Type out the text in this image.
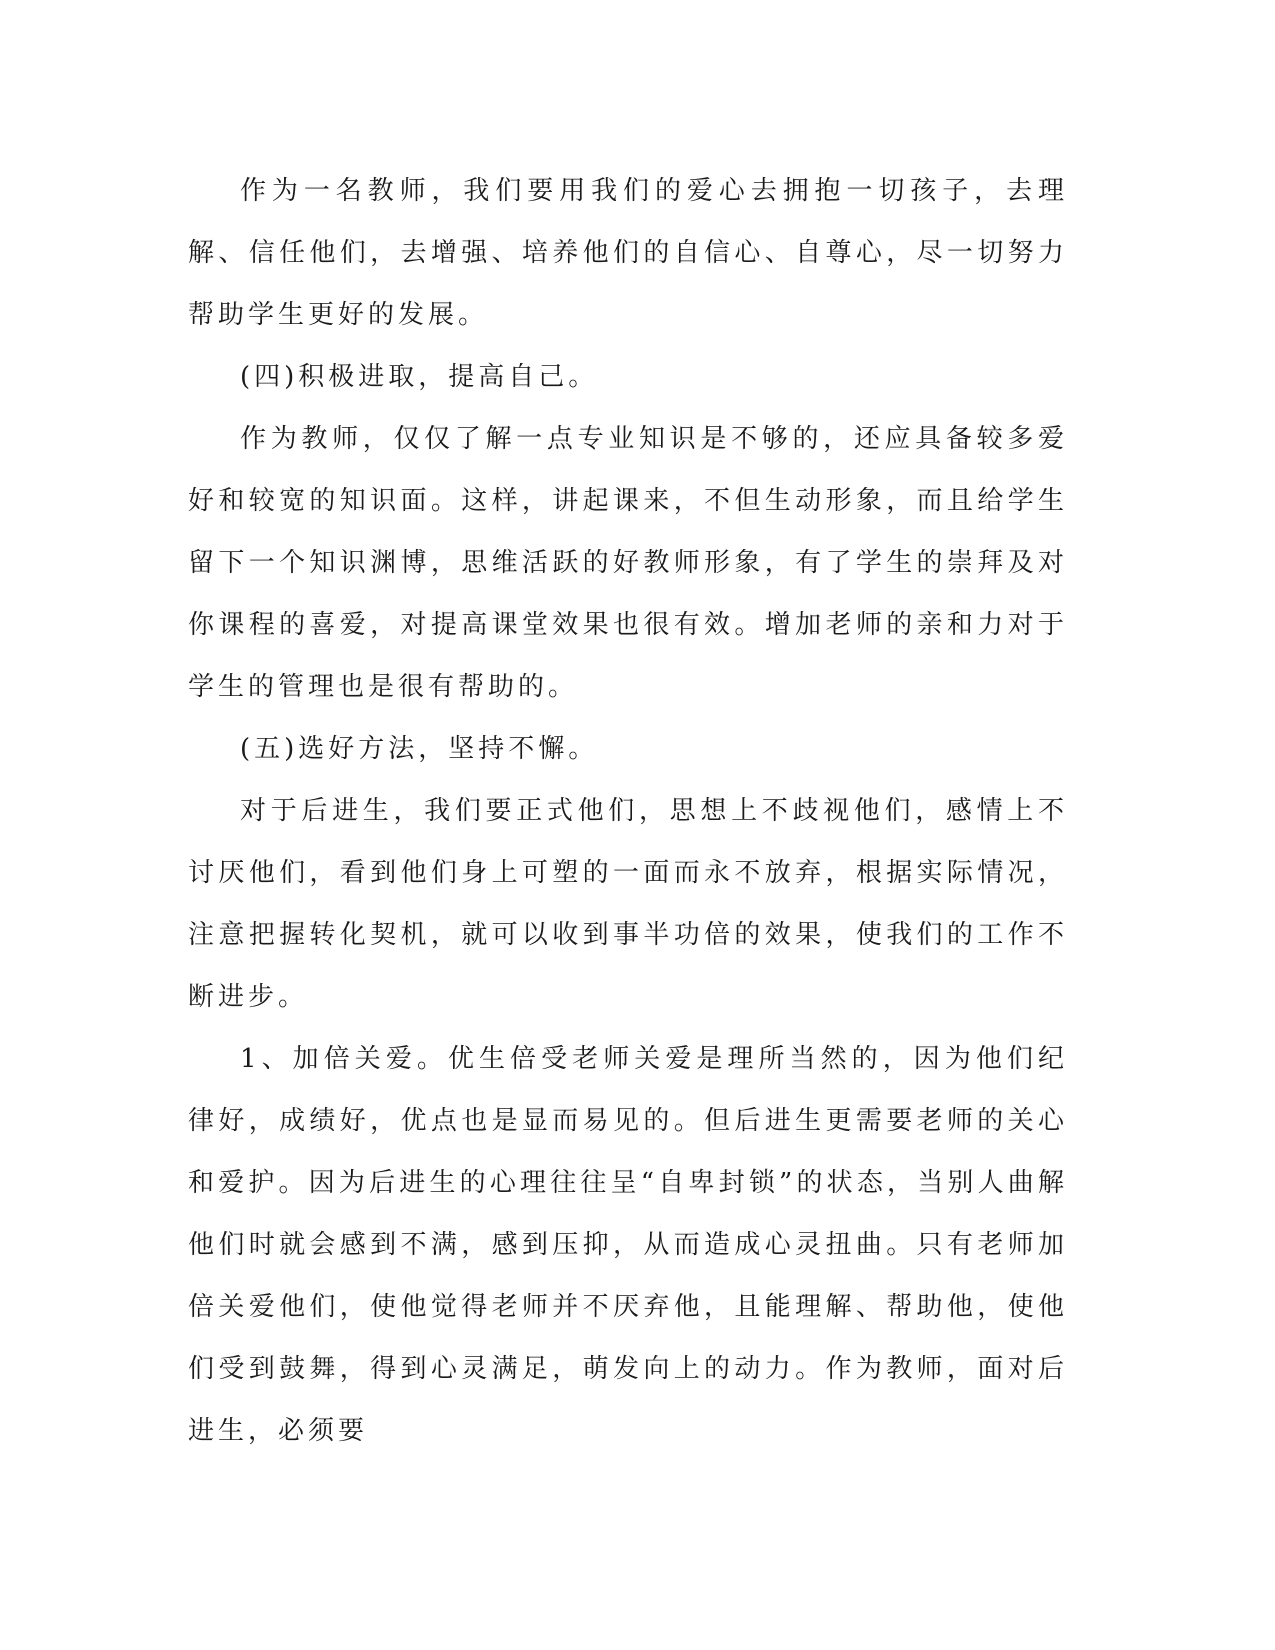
作为一名教师，我们要用我们的爱心去拥抱一切孩子，去理解、信任他们，去增强、培养他们的自信心、自尊心，尽一切努力帮助学生更好的发展。

(四)积极进取，提高自己。

作为教师，仅仅了解一点专业知识是不够的，还应具备较多爱好和较宽的知识面。这样，讲起课来，不但生动形象，而且给学生留下一个知识渊博，思维活跃的好教师形象，有了学生的崇拜及对你课程的喜爱，对提高课堂效果也很有效。增加老师的亲和力对于学生的管理也是很有帮助的。

(五)选好方法，坚持不懈。

对于后进生，我们要正式他们，思想上不歧视他们，感情上不讨厌他们，看到他们身上可塑的一面而永不放弃，根据实际情况，注意把握转化契机，就可以收到事半功倍的效果，使我们的工作不断进步。

1、加倍关爱。优生倍受老师关爱是理所当然的，因为他们纪律好，成绩好，优点也是显而易见的。但后进生更需要老师的关心和爱护。因为后进生的心理往往呈“自卑封锁”的状态，当别人曲解他们时就会感到不满，感到压抑，从而造成心灵扭曲。只有老师加倍关爱他们，使他觉得老师并不厌弃他，且能理解、帮助他，使他们受到鼓舞，得到心灵满足，萌发向上的动力。作为教师，面对后进生，必须要
